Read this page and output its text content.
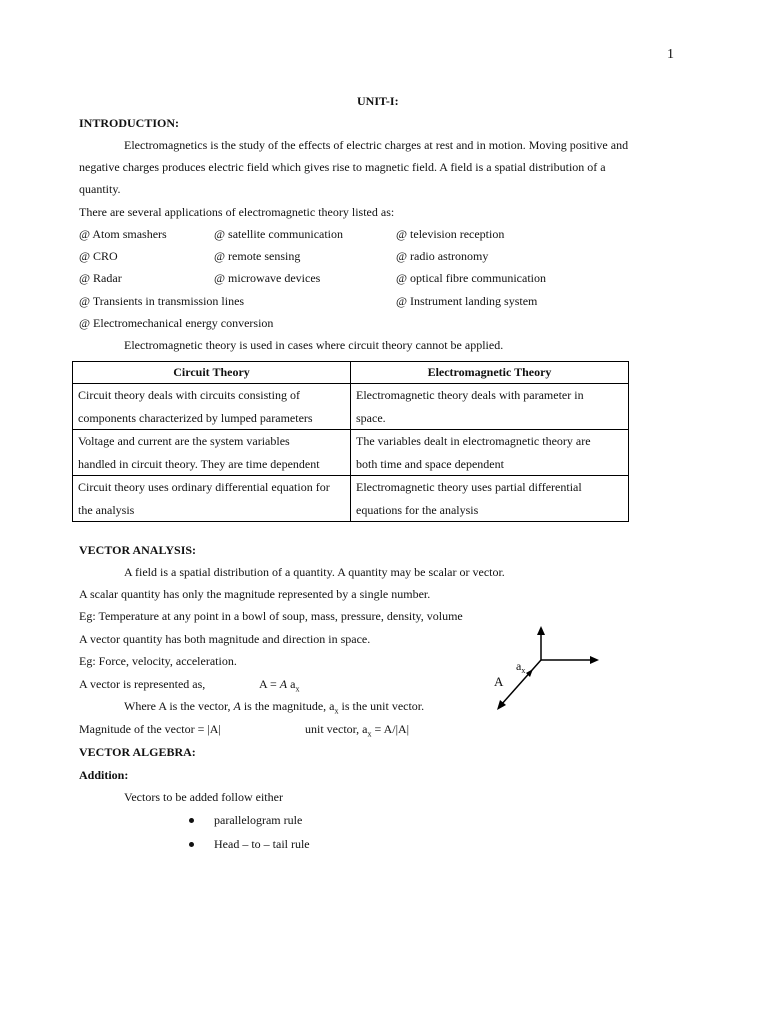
1
UNIT-I:
INTRODUCTION:
Electromagnetics is the study of the effects of electric charges at rest and in motion. Moving positive and
negative charges produces electric field which gives rise to magnetic field. A field is a spatial distribution of a
quantity.
There are several applications of electromagnetic theory listed as:
@ Atom smashers	@ satellite communication	@ television reception
@ CRO	@ remote sensing	@ radio astronomy
@ Radar	@ microwave devices	@ optical fibre communication
@ Transients in transmission lines	@ Instrument landing system
@ Electromechanical energy conversion
Electromagnetic theory is used in cases where circuit theory cannot be applied.
Circuit Theory	Electromagnetic Theory
Circuit theory deals with circuits consisting of
components characterized by lumped parameters	Electromagnetic theory deals with parameter in
space.
Voltage and current are the system variables
handled in circuit theory. They are time dependent	The variables dealt in electromagnetic theory are
both time and space dependent
Circuit theory uses ordinary differential equation for
the analysis	Electromagnetic theory uses partial differential
equations for the analysis
VECTOR ANALYSIS:
A field is a spatial distribution of a quantity. A quantity may be scalar or vector.
A scalar quantity has only the magnitude represented by a single number.
Eg: Temperature at any point in a bowl of soup, mass, pressure, density, volume
A vector quantity has both magnitude and direction in space.
Eg: Force, velocity, acceleration.
A vector is represented as,	A = A $a_x$
Where A is the vector, A is the magnitude, $a_x$ is the unit vector.
Magnitude of the vector = |A|	unit vector, $a_x = A/|A|$
$a_x$
A
VECTOR ALGEBRA:
Addition:
Vectors to be added follow either
parallelogram rule
Head – to – tail rule
